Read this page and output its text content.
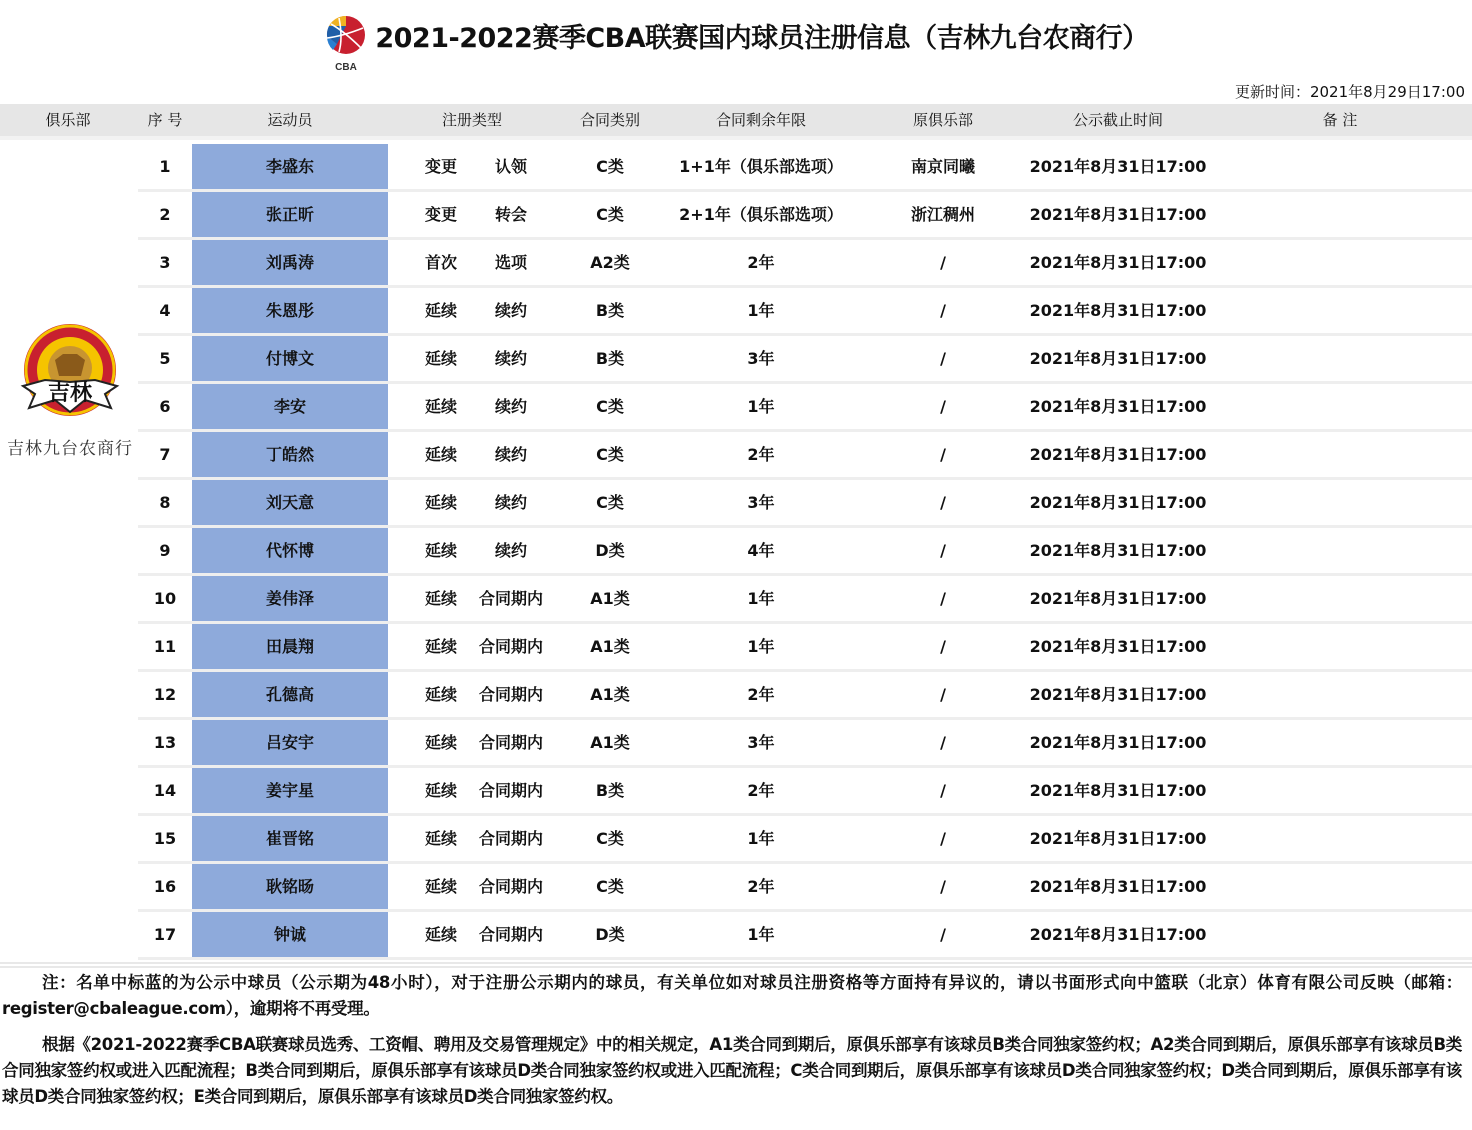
CBA
2021-2022赛季CBA联赛国内球员注册信息（吉林九台农商行）
更新时间：2021年8月29日17:00
俱乐部	序 号	运动员	注册类型	合同类别	合同剩余年限	原俱乐部	公示截止时间	备 注
吉林
吉林九台农商行
1	李盛东	变更	认领	C类	1+1年（俱乐部选项）	南京同曦	2021年8月31日17:00
2	张正昕	变更	转会	C类	2+1年（俱乐部选项）	浙江稠州	2021年8月31日17:00
3	刘禹涛	首次	选项	A2类	2年	/	2021年8月31日17:00
4	朱恩彤	延续	续约	B类	1年	/	2021年8月31日17:00
5	付博文	延续	续约	B类	3年	/	2021年8月31日17:00
6	李安	延续	续约	C类	1年	/	2021年8月31日17:00
7	丁皓然	延续	续约	C类	2年	/	2021年8月31日17:00
8	刘天意	延续	续约	C类	3年	/	2021年8月31日17:00
9	代怀博	延续	续约	D类	4年	/	2021年8月31日17:00
10	姜伟泽	延续	合同期内	A1类	1年	/	2021年8月31日17:00
11	田晨翔	延续	合同期内	A1类	1年	/	2021年8月31日17:00
12	孔德高	延续	合同期内	A1类	2年	/	2021年8月31日17:00
13	吕安宇	延续	合同期内	A1类	3年	/	2021年8月31日17:00
14	姜宇星	延续	合同期内	B类	2年	/	2021年8月31日17:00
15	崔晋铭	延续	合同期内	C类	1年	/	2021年8月31日17:00
16	耿铭旸	延续	合同期内	C类	2年	/	2021年8月31日17:00
17	钟诚	延续	合同期内	D类	1年	/	2021年8月31日17:00

注：名单中标蓝的为公示中球员（公示期为48小时），对于注册公示期内的球员，有关单位如对球员注册资格等方面持有异议的，请以书面形式向中篮联（北京）体育有限公司反映（邮箱：register@cbaleague.com），逾期将不再受理。

根据《2021-2022赛季CBA联赛球员选秀、工资帽、聘用及交易管理规定》中的相关规定，A1类合同到期后，原俱乐部享有该球员B类合同独家签约权；A2类合同到期后，原俱乐部享有该球员B类合同独家签约权或进入匹配流程；B类合同到期后，原俱乐部享有该球员D类合同独家签约权或进入匹配流程；C类合同到期后，原俱乐部享有该球员D类合同独家签约权；D类合同到期后，原俱乐部享有该球员D类合同独家签约权；E类合同到期后，原俱乐部享有该球员D类合同独家签约权。
